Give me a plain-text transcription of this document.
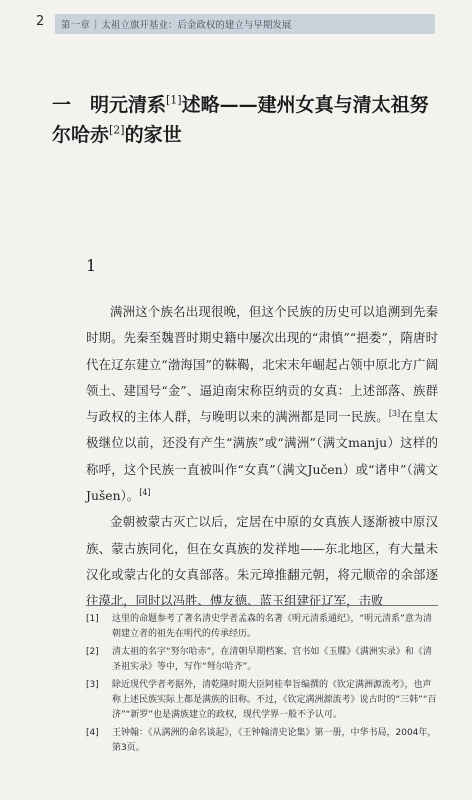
2	第一章 | 太祖立旗开基业：后金政权的建立与早期发展
一　明元清系[1]述略——建州女真与清太祖努尔哈赤[2]的家世
1

满洲这个族名出现很晚，但这个民族的历史可以追溯到先秦时期。先秦至魏晋时期史籍中屡次出现的“肃慎”“挹娄”，隋唐时代在辽东建立“渤海国”的靺鞨，北宋末年崛起占领中原北方广阔领土、建国号“金”、逼迫南宋称臣纳贡的女真：上述部落、族群与政权的主体人群，与晚明以来的满洲都是同一民族。[3]在皇太极继位以前，还没有产生“满族”或“满洲”（满文manju）这样的称呼，这个民族一直被叫作“女真”（满文Jučen）或“诸申”（满文Jušen）。[4]

金朝被蒙古灭亡以后，定居在中原的女真族人逐渐被中原汉族、蒙古族同化，但在女真族的发祥地——东北地区，有大量未汉化或蒙古化的女真部落。朱元璋推翻元朝，将元顺帝的余部逐往漠北，同时以冯胜、傅友德、蓝玉组建征辽军，击败

[1]	这里的命题参考了著名清史学者孟森的名著《明元清系通纪》，“明元清系”意为清朝建立者的祖先在明代的传承经历。
[2]	清太祖的名字“努尔哈赤”，在清朝早期档案、官书如《玉牒》《满洲实录》和《清圣祖实录》等中，写作“弩尔哈齐”。
[3]	除近现代学者考据外，清乾隆时期大臣阿桂奉旨编撰的《钦定满洲源流考》，也声称上述民族实际上都是满族的旧称。不过，《钦定满洲源流考》说古时的“三韩”“百济”“新罗”也是满族建立的政权，现代学界一般不予认可。
[4]	王钟翰：《从满洲的命名谈起》，《王钟翰清史论集》第一册，中华书局，2004年，第3页。
